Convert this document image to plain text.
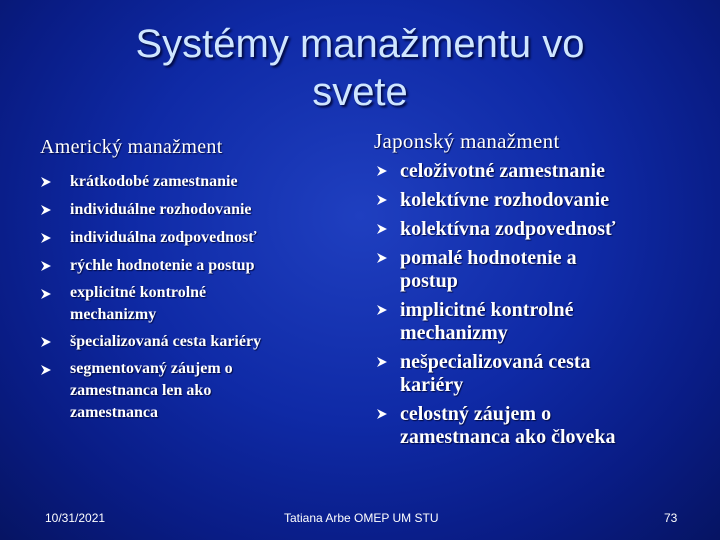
Systémy manažmentu vo
svete
Americký manažment
krátkodobé zamestnanie
individuálne rozhodovanie
individuálna zodpovednosť
rýchle hodnotenie a postup
explicitné kontrolné mechanizmy
špecializovaná cesta kariéry
segmentovaný záujem o zamestnanca len ako zamestnanca
Japonský manažment
celoživotné zamestnanie
kolektívne rozhodovanie
kolektívna zodpovednosť
pomalé hodnotenie a postup
implicitné kontrolné mechanizmy
nešpecializovaná cesta kariéry
celostný záujem o zamestnanca ako človeka
10/31/2021	Tatiana Arbe OMEP UM STU	73
